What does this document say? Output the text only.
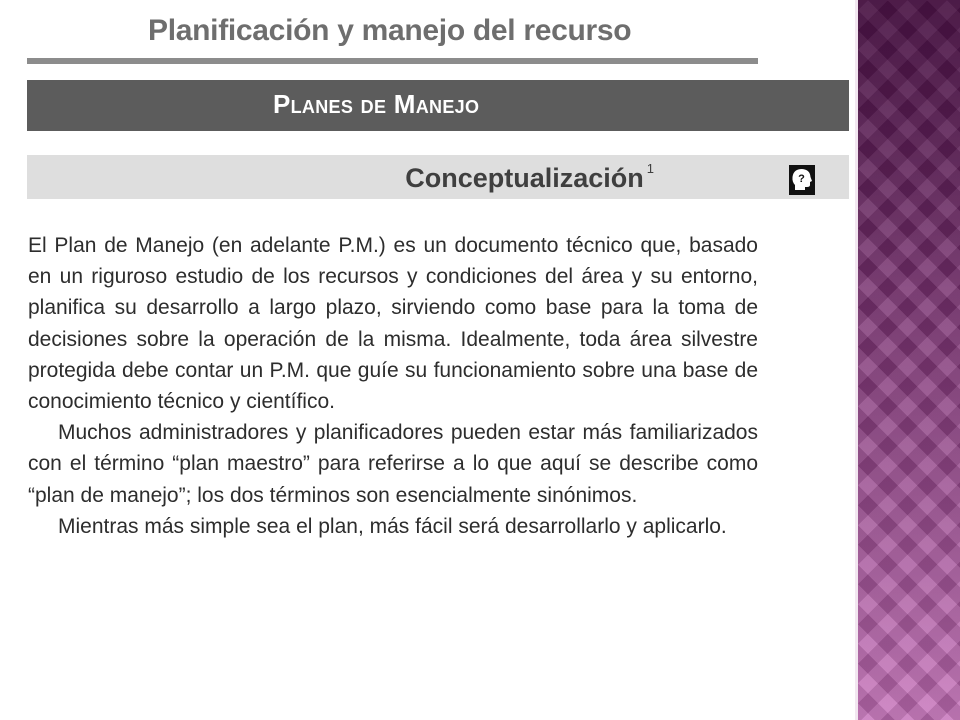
Planificación y manejo del recurso
Planes de Manejo
Conceptualización $^1$
?

El Plan de Manejo (en adelante P.M.) es un documento técnico que, basado en un riguroso estudio de los recursos y condiciones del área y su entorno, planifica su desarrollo a largo plazo, sirviendo como base para la toma de decisiones sobre la operación de la misma. Idealmente, toda área silvestre protegida debe contar un P.M. que guíe su funcionamiento sobre una base de conocimiento técnico y científico.

Muchos administradores y planificadores pueden estar más familiarizados con el término “plan maestro” para referirse a lo que aquí se describe como “plan de manejo”; los dos términos son esencialmente sinónimos.

Mientras más simple sea el plan, más fácil será desarrollarlo y aplicarlo.
